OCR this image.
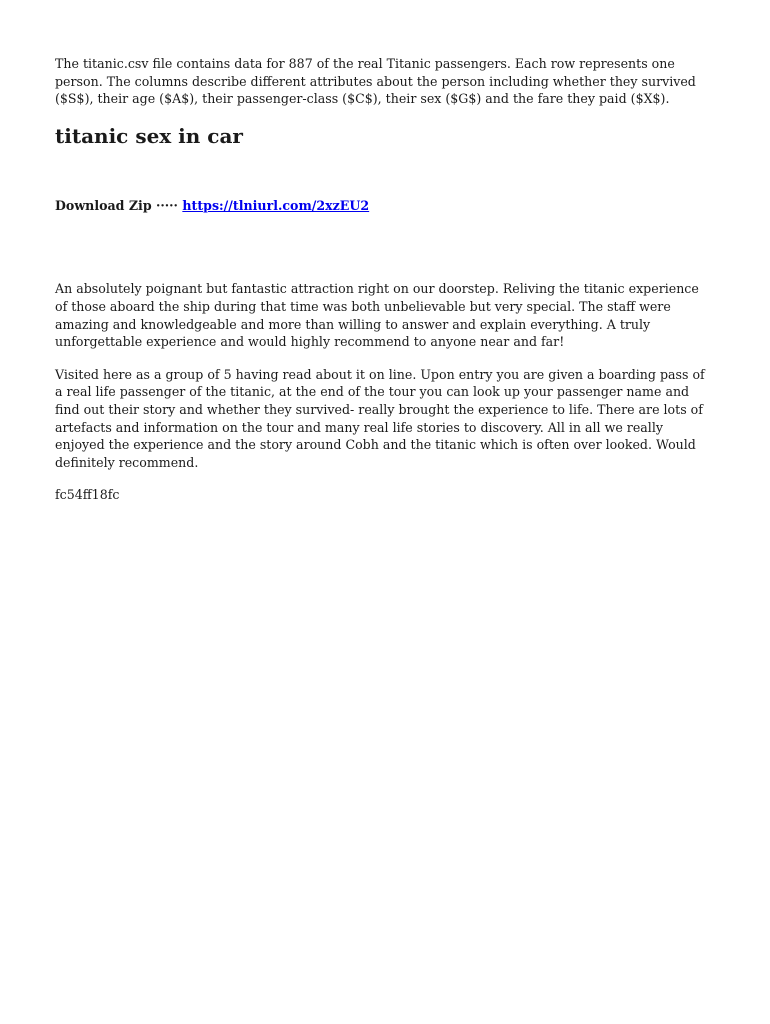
The titanic.csv file contains data for 887 of the real Titanic passengers. Each row represents one person. The columns describe different attributes about the person including whether they survived ($S$), their age ($A$), their passenger-class ($C$), their sex ($G$) and the fare they paid ($X$).

titanic sex in car

Download Zip ····· https://tlniurl.com/2xzEU2

An absolutely poignant but fantastic attraction right on our doorstep. Reliving the titanic experience of those aboard the ship during that time was both unbelievable but very special. The staff were amazing and knowledgeable and more than willing to answer and explain everything. A truly unforgettable experience and would highly recommend to anyone near and far!

Visited here as a group of 5 having read about it on line. Upon entry you are given a boarding pass of a real life passenger of the titanic, at the end of the tour you can look up your passenger name and find out their story and whether they survived- really brought the experience to life. There are lots of artefacts and information on the tour and many real life stories to discovery. All in all we really enjoyed the experience and the story around Cobh and the titanic which is often over looked. Would definitely recommend.

fc54ff18fc
